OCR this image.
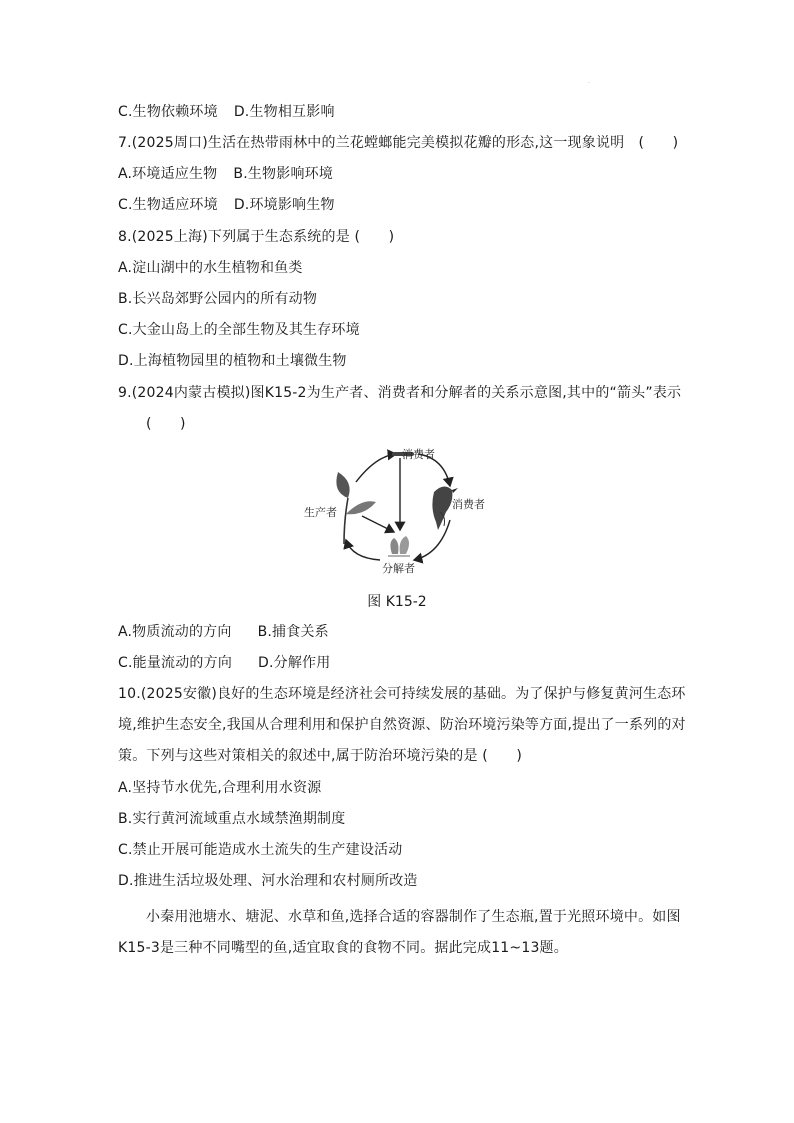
·
C.生物依赖环境 D.生物相互影响
7.(2025周口)生活在热带雨林中的兰花螳螂能完美模拟花瓣的形态,这一现象说明　(　　)
A.环境适应生物 B.生物影响环境
C.生物适应环境 D.环境影响生物
8.(2025上海)下列属于生态系统的是 (　　)
A.淀山湖中的水生植物和鱼类
B.长兴岛郊野公园内的所有动物
C.大金山岛上的全部生物及其生存环境
D.上海植物园里的植物和土壤微生物
9.(2024内蒙古模拟)图K15-2为生产者、消费者和分解者的关系示意图,其中的“箭头”表示
(　　)
消费者
消费者
生产者
分解者
图 K15-2
A.物质流动的方向 B.捕食关系
C.能量流动的方向 D.分解作用
10.(2025安徽)良好的生态环境是经济社会可持续发展的基础。为了保护与修复黄河生态环
境,维护生态安全,我国从合理利用和保护自然资源、防治环境污染等方面,提出了一系列的对
策。下列与这些对策相关的叙述中,属于防治环境污染的是 (　　)
A.坚持节水优先,合理利用水资源
B.实行黄河流域重点水域禁渔期制度
C.禁止开展可能造成水土流失的生产建设活动
D.推进生活垃圾处理、河水治理和农村厕所改造
小秦用池塘水、塘泥、水草和鱼,选择合适的容器制作了生态瓶,置于光照环境中。如图
K15-3是三种不同嘴型的鱼,适宜取食的食物不同。据此完成11~13题。
